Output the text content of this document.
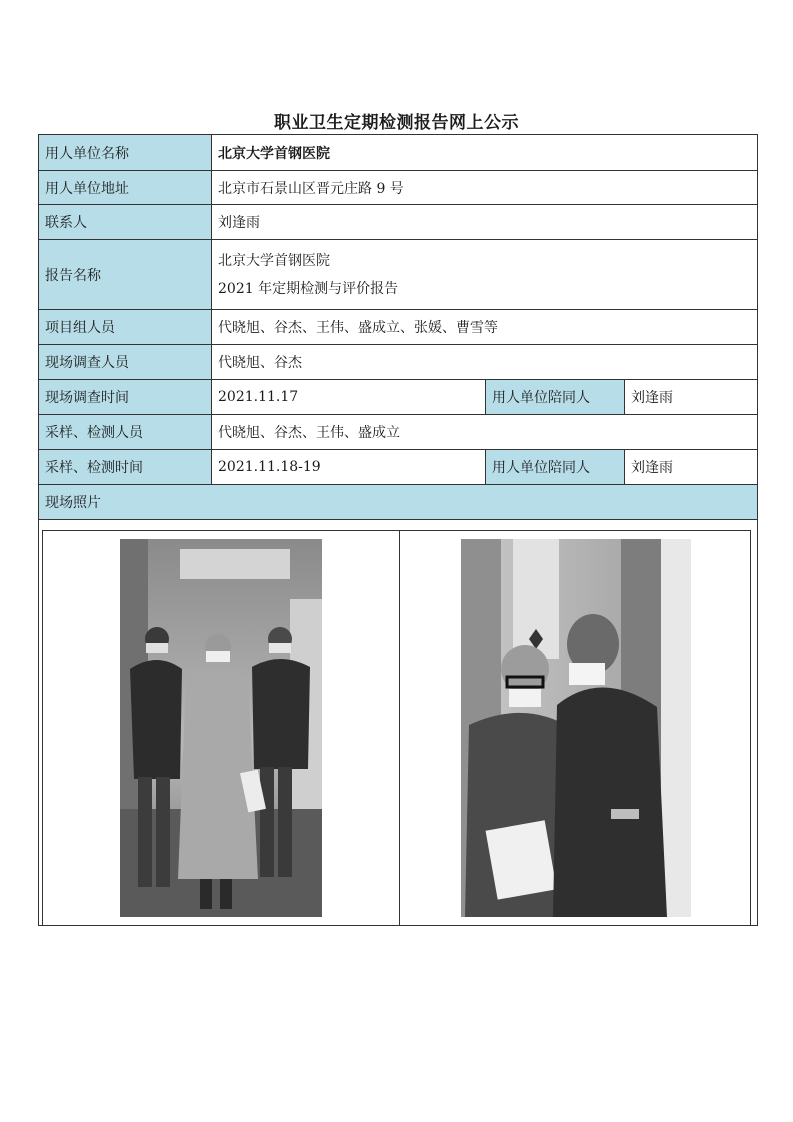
职业卫生定期检测报告网上公示
用人单位名称	北京大学首钢医院		
用人单位地址	北京市石景山区晋元庄路 9 号		
联系人	刘逢雨		
报告名称	北京大学首钢医院
2021 年定期检测与评价报告		

项目组人员	代晓旭、谷杰、王伟、盛成立、张媛、曹雪等		
现场调查人员	代晓旭、谷杰		
现场调查时间	2021.11.17	用人单位陪同人	刘逢雨
采样、检测人员	代晓旭、谷杰、王伟、盛成立		
采样、检测时间	2021.11.18-19	用人单位陪同人	刘逢雨
现场照片			
